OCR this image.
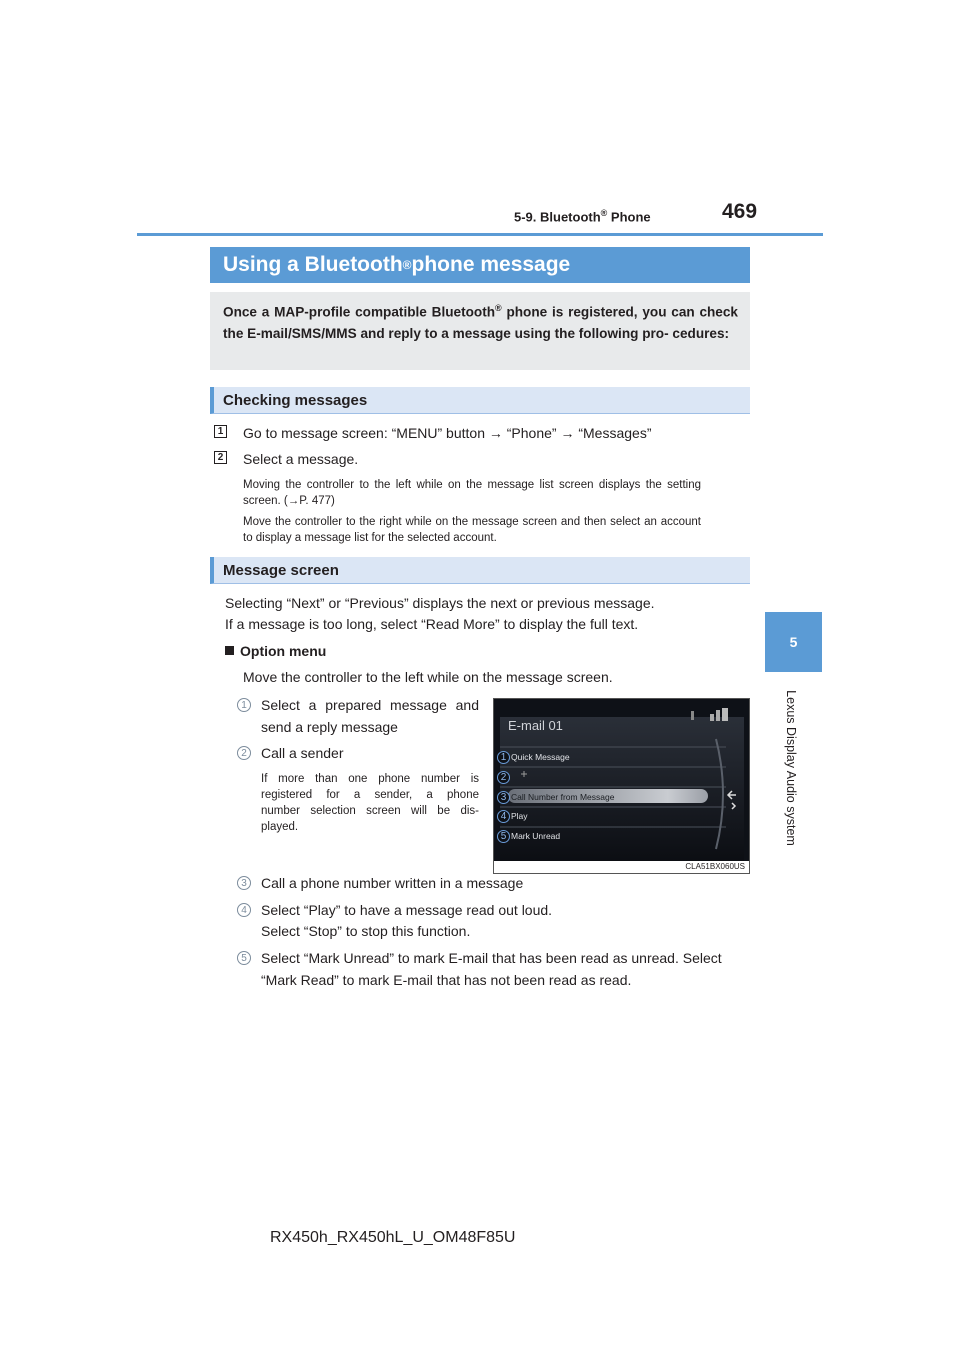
5-9. Bluetooth® Phone	469
5
Lexus Display Audio system
Using a Bluetooth ® phone message
Once a MAP-profile compatible Bluetooth® phone is registered, you can check the E-mail/SMS/MMS and reply to a message using the following pro- cedures:
Checking messages
1 Go to message screen: “MENU” button → “Phone” → “Messages”
2 Select a message.
Moving the controller to the left while on the message list screen displays the setting screen. (→P. 477)
Move the controller to the right while on the message screen and then select an account to display a message list for the selected account.
Message screen
Selecting “Next” or “Previous” displays the next or previous message.
If a message is too long, select “Read More” to display the full text.
Option menu
Move the controller to the left while on the message screen.
1	Select a prepared message and
send a reply message
2	Call a sender
If more than one phone number is
registered for a sender, a phone
number selection screen will be dis-
played.
E-mail 01
1 Quick Message
2
3 Call Number from Message
4 Play
5 Mark Unread
CLA51BX060US
3	Call a phone number written in a message
4	Select “Play” to have a message read out loud.
Select “Stop” to stop this function.
5	Select “Mark Unread” to mark E-mail that has been read as unread. Select
“Mark Read” to mark E-mail that has not been read as read.
RX450h_RX450hL_U_OM48F85U
